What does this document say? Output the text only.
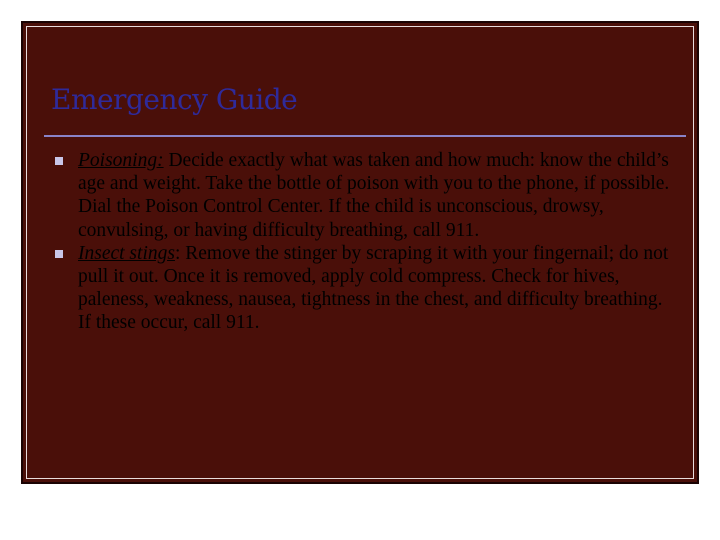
Emergency Guide
Poisoning: Decide exactly what was taken and how much: know the child’s age and weight. Take the bottle of poison with you to the phone, if possible. Dial the Poison Control Center. If the child is unconscious, drowsy, convulsing, or having difficulty breathing, call 911.
Insect stings: Remove the stinger by scraping it with your fingernail; do not pull it out. Once it is removed, apply cold compress. Check for hives, paleness, weakness, nausea, tightness in the chest, and difficulty breathing. If these occur, call 911.
